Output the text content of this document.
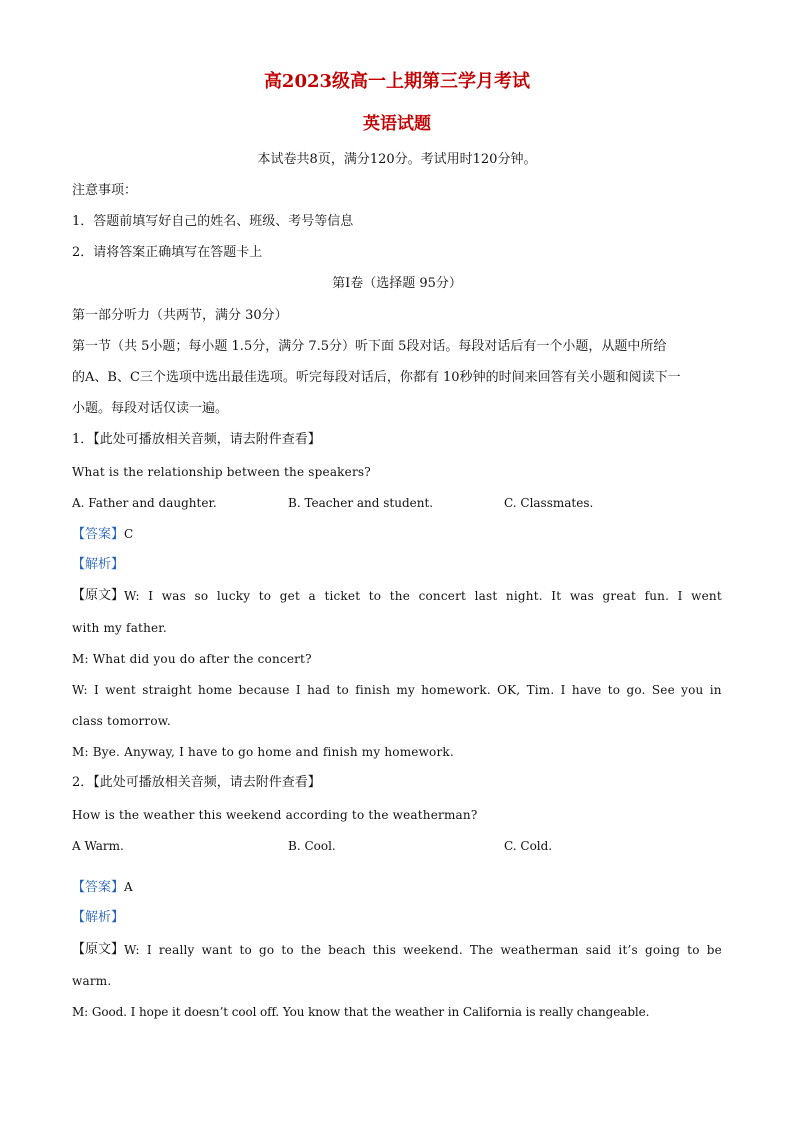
高2023级高一上期第三学月考试
英语试题
本试卷共8页，满分120分。考试用时120分钟。
注意事项：
1．答题前填写好自己的姓名、班级、考号等信息
2．请将答案正确填写在答题卡上
第I卷（选择题 95分）
第一部分听力（共两节，满分 30分）
第一节（共 5小题；每小题 1.5分，满分 7.5分）听下面 5段对话。每段对话后有一个小题，从题中所给
的A、B、C三个选项中选出最佳选项。听完每段对话后，你都有 10秒钟的时间来回答有关小题和阅读下一
小题。每段对话仅读一遍。
1．【此处可播放相关音频，请去附件查看】
What is the relationship between the speakers?
A. Father and daughter.	B. Teacher and student.	C. Classmates.
【答案】C
【解析】
【原文】 W: I was so lucky to get a ticket to the concert last night. It was great fun. I went
with my father.
M: What did you do after the concert?
W: I went straight home because I had to finish my homework. OK, Tim. I have to go. See you in
class tomorrow.
M: Bye. Anyway, I have to go home and finish my homework.
2．【此处可播放相关音频，请去附件查看】
How is the weather this weekend according to the weatherman?
A Warm.	B. Cool.	C. Cold.
【答案】A
【解析】
【原文】 W: I really want to go to the beach this weekend. The weatherman said it’s going to be
warm.
M: Good. I hope it doesn’t cool off. You know that the weather in California is really changeable.
